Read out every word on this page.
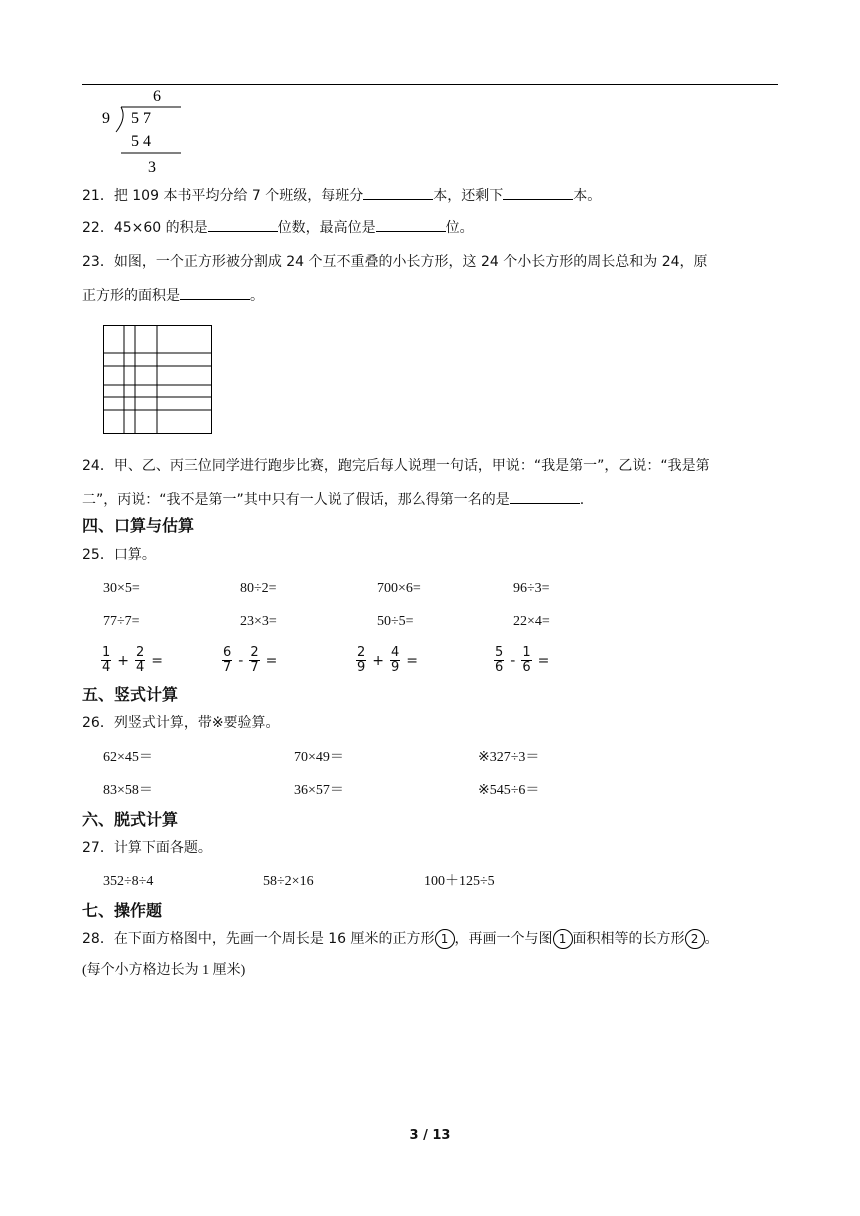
6
9 5 7
5 4
3
21．把 109 本书平均分给 7 个班级，每班分	本，还剩下	本。
22．45×60 的积是	位数，最高位是	位。
23．如图，一个正方形被分割成 24 个互不重叠的小长方形，这 24 个小长方形的周长总和为 24，原
正方形的面积是	。
24．甲、乙、丙三位同学进行跑步比赛，跑完后每人说理一句话，甲说：“我是第一”，乙说：“我是第
二”，丙说：“我不是第一”其中只有一人说了假话，那么得第一名的是	.
四、口算与估算
25．口算。
30×5=	80÷2=	700×6=	96÷3=
77÷7=	23×3=	50÷5=	22×4=
$\frac{1}{4} + \frac{2}{4}$ =	$\frac{6}{7} - \frac{2}{7}$ =	$\frac{2}{9} + \frac{4}{9}$ =	$\frac{5}{6} - \frac{1}{6}$ =
五、竖式计算
26．列竖式计算，带※要验算。
62×45＝	70×49＝	※327÷3＝
83×58＝	36×57＝	※545÷6＝
六、脱式计算
27．计算下面各题。
352÷8÷4	58÷2×16	100＋125÷5
七、操作题
28．在下面方格图中，先画一个周长是 16 厘米的正方形 1 ，再画一个与图 1 面积相等的长方形 2 。
(每个小方格边长为 1 厘米)
3 / 13
